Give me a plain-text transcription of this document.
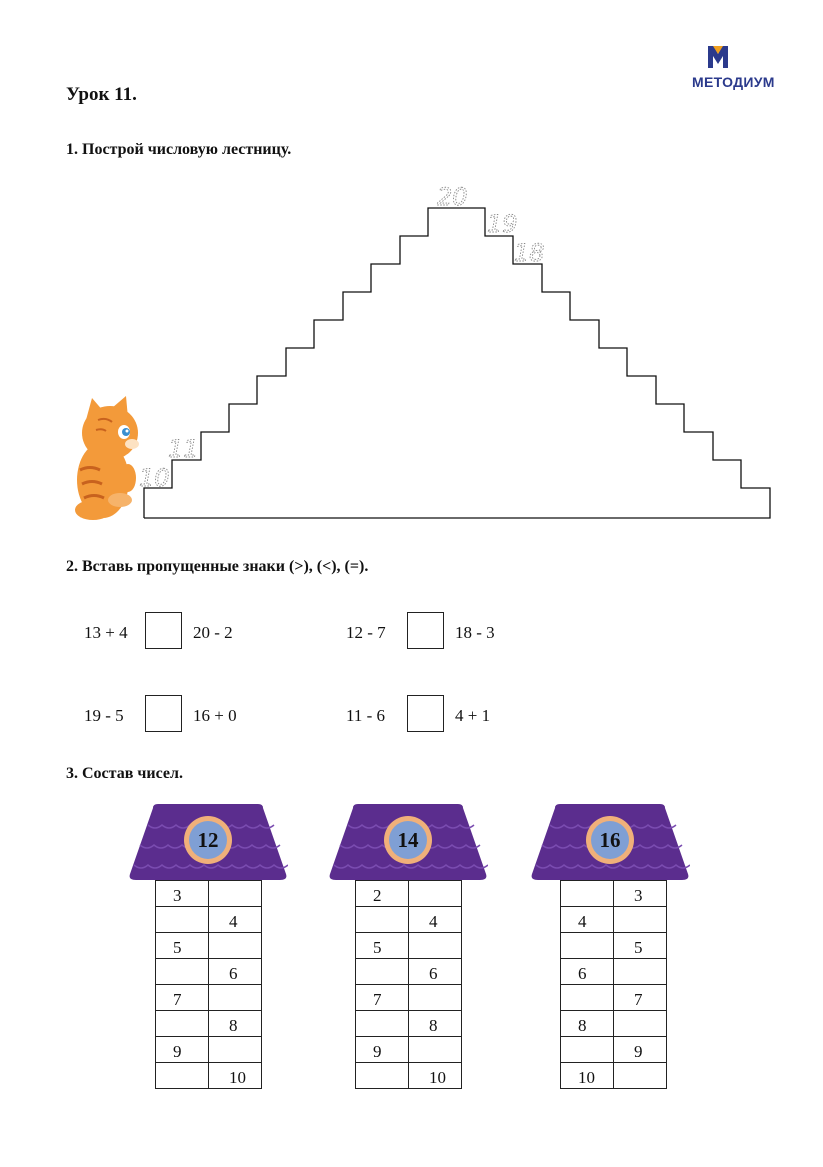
Урок 11.
МЕТОДИУМ
1. Построй числовую лестницу.
10
11
20
19
18
2. Вставь пропущенные знаки (>), (<), (=).
13 + 4	20 - 2	12 - 7	18 - 3
19 - 5	16 + 0	11 - 6	4 + 1
3. Состав чисел.
12	14	16
3	
	4
5	
	6
7	
	8
9	
	10
2	
	4
5	
	6
7	
	8
9	
	10
	3
4	
	5
6	
	7
8	
	9
10	
